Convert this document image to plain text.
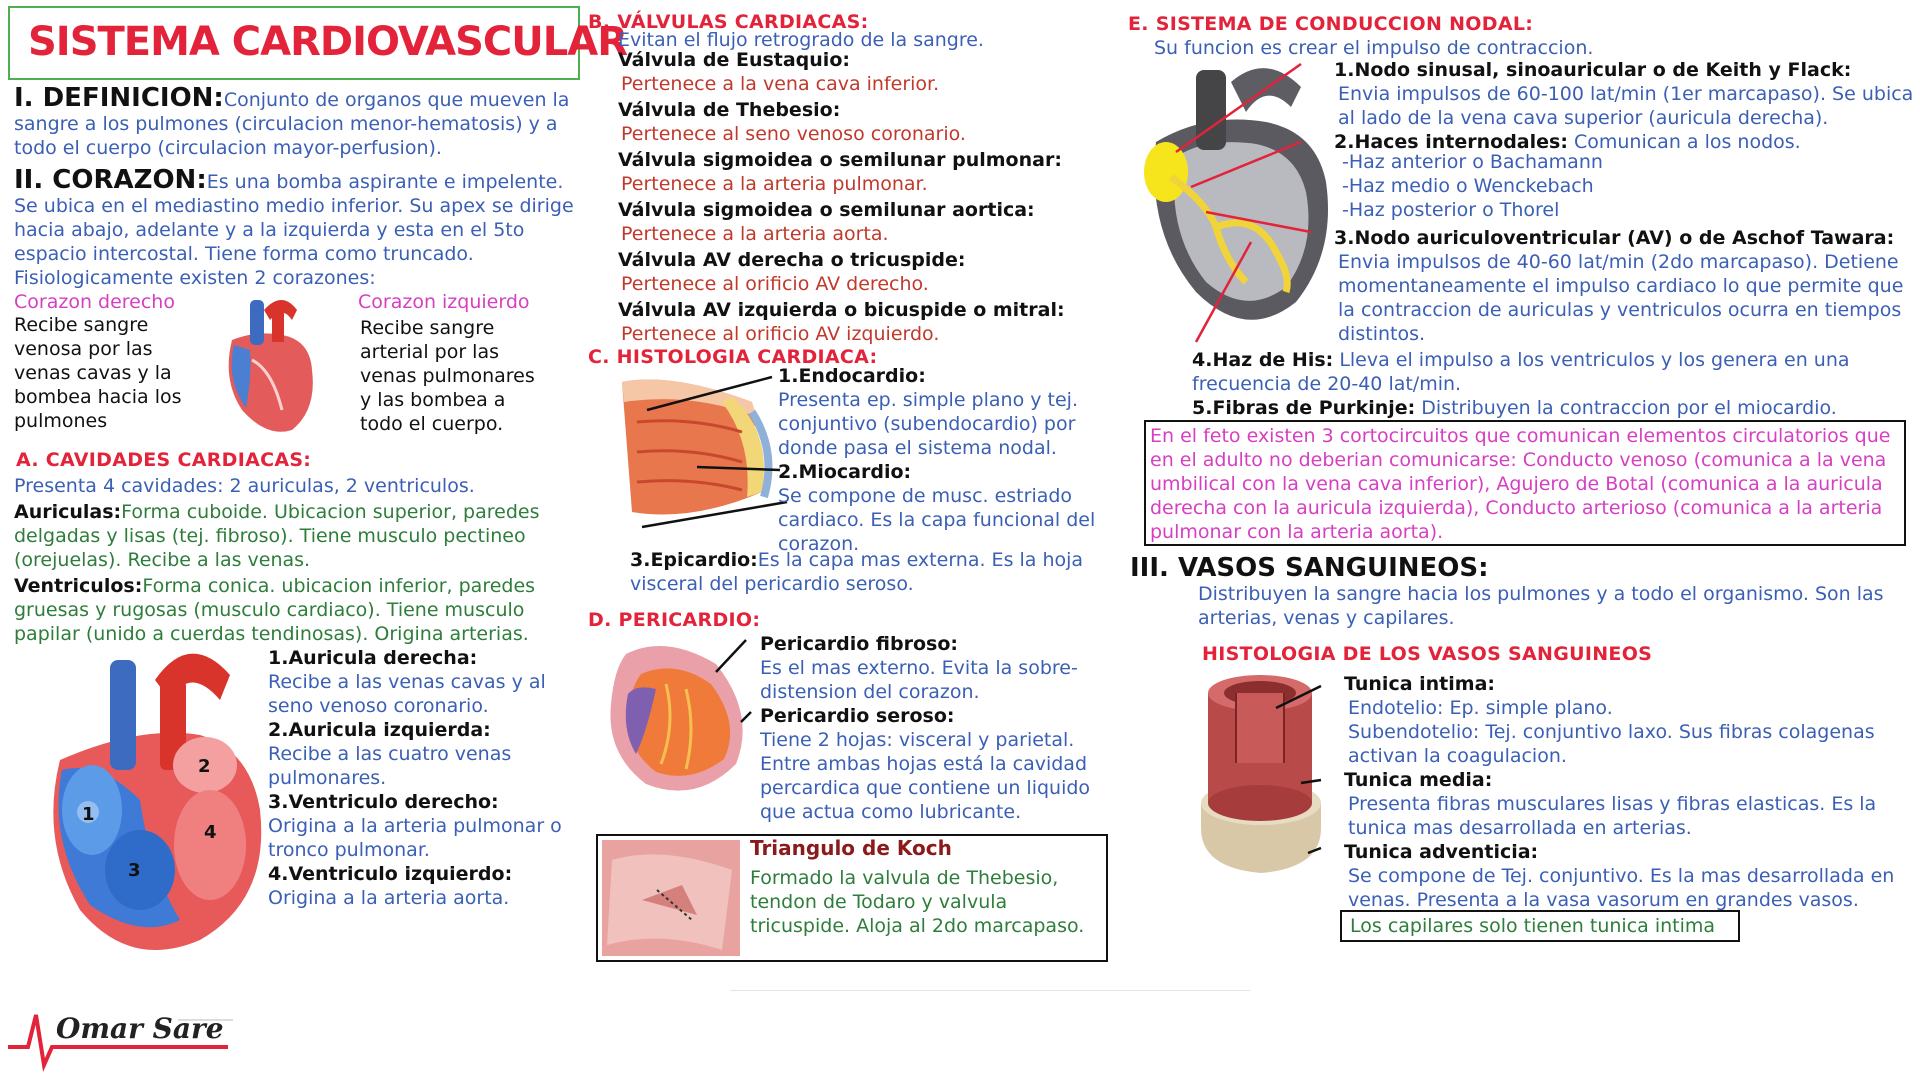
SISTEMA CARDIOVASCULAR

I. DEFINICION:Conjunto de organos que mueven la sangre a los pulmones (circulacion menor-hematosis) y a todo el cuerpo (circulacion mayor-perfusion).

II. CORAZON:Es una bomba aspirante e impelente.
Se ubica en el mediastino medio inferior. Su apex se dirige hacia abajo, adelante y a la izquierda y esta en el 5to espacio intercostal. Tiene forma como truncado. Fisiologicamente existen 2 corazones:

Corazon derecho
Recibe sangre venosa por las venas cavas y la bombea hacia los pulmones
Corazon izquierdo
Recibe sangre arterial por las venas pulmonares y las bombea a todo el cuerpo.
A. CAVIDADES CARDIACAS:
Presenta 4 cavidades: 2 auriculas, 2 ventriculos.

Auriculas:Forma cuboide. Ubicacion superior, paredes delgadas y lisas (tej. fibroso). Tiene musculo pectineo (orejuelas). Recibe a las venas.

Ventriculos:Forma conica. ubicacion inferior, paredes gruesas y rugosas (musculo cardiaco). Tiene musculo papilar (unido a cuerdas tendinosas). Origina arterias.

1
2
3
4
1.Auricula derecha:
Recibe a las venas cavas y al seno venoso coronario.
2.Auricula izquierda:
Recibe a las cuatro venas pulmonares.
3.Ventriculo derecho:
Origina a la arteria pulmonar o tronco pulmonar.
4.Ventriculo izquierdo:
Origina a la arteria aorta.
Omar Sare
B. VÁLVULAS CARDIACAS:
Evitan el flujo retrogrado de la sangre.
Válvula de Eustaquio:
Pertenece a la vena cava inferior.
Válvula de Thebesio:
Pertenece al seno venoso coronario.
Válvula sigmoidea o semilunar pulmonar:
Pertenece a la arteria pulmonar.
Válvula sigmoidea o semilunar aortica:
Pertenece a la arteria aorta.
Válvula AV derecha o tricuspide:
Pertenece al orificio AV derecho.
Válvula AV izquierda o bicuspide o mitral:
Pertenece al orificio AV izquierdo.
C. HISTOLOGIA CARDIACA:
1.Endocardio:
Presenta ep. simple plano y tej. conjuntivo (subendocardio) por donde pasa el sistema nodal.
2.Miocardio:
Se compone de musc. estriado cardiaco. Es la capa funcional del corazon.

3.Epicardio:Es la capa mas externa. Es la hoja visceral del pericardio seroso.

D. PERICARDIO:
Pericardio fibroso:
Es el mas externo. Evita la sobre-distension del corazon.
Pericardio seroso:
Tiene 2 hojas: visceral y parietal. Entre ambas hojas está la cavidad percardica que contiene un liquido que actua como lubricante.
Triangulo de Koch
Formado la valvula de Thebesio, tendon de Todaro y valvula tricuspide. Aloja al 2do marcapaso.
E. SISTEMA DE CONDUCCION NODAL:
Su funcion es crear el impulso de contraccion.
1.Nodo sinusal, sinoauricular o de Keith y Flack:
Envia impulsos de 60-100 lat/min (1er marcapaso). Se ubica al lado de la vena cava superior (auricula derecha).

2.Haces internodales: Comunican a los nodos.

-Haz anterior o Bachamann
-Haz medio o Wenckebach
-Haz posterior o Thorel
3.Nodo auriculoventricular (AV) o de Aschof Tawara:
Envia impulsos de 40-60 lat/min (2do marcapaso). Detiene momentaneamente el impulso cardiaco lo que permite que la contraccion de auriculas y ventriculos ocurra en tiempos distintos.

4.Haz de His: Lleva el impulso a los ventriculos y los genera en una frecuencia de 20-40 lat/min.

5.Fibras de Purkinje: Distribuyen la contraccion por el miocardio.

En el feto existen 3 cortocircuitos que comunican elementos circulatorios que en el adulto no deberian comunicarse: Conducto venoso (comunica a la vena umbilical con la vena cava inferior), Agujero de Botal (comunica a la auricula derecha con la auricula izquierda), Conducto arterioso (comunica a la arteria pulmonar con la arteria aorta).
III. VASOS SANGUINEOS:
Distribuyen la sangre hacia los pulmones y a todo el organismo. Son las arterias, venas y capilares.
HISTOLOGIA DE LOS VASOS SANGUINEOS
Tunica intima:
Endotelio: Ep. simple plano.
Subendotelio: Tej. conjuntivo laxo. Sus fibras colagenas activan la coagulacion.
Tunica media:
Presenta fibras musculares lisas y fibras elasticas. Es la tunica mas desarrollada en arterias.
Tunica adventicia:
Se compone de Tej. conjuntivo. Es la mas desarrollada en venas. Presenta a la vasa vasorum en grandes vasos.
Los capilares solo tienen tunica intima
